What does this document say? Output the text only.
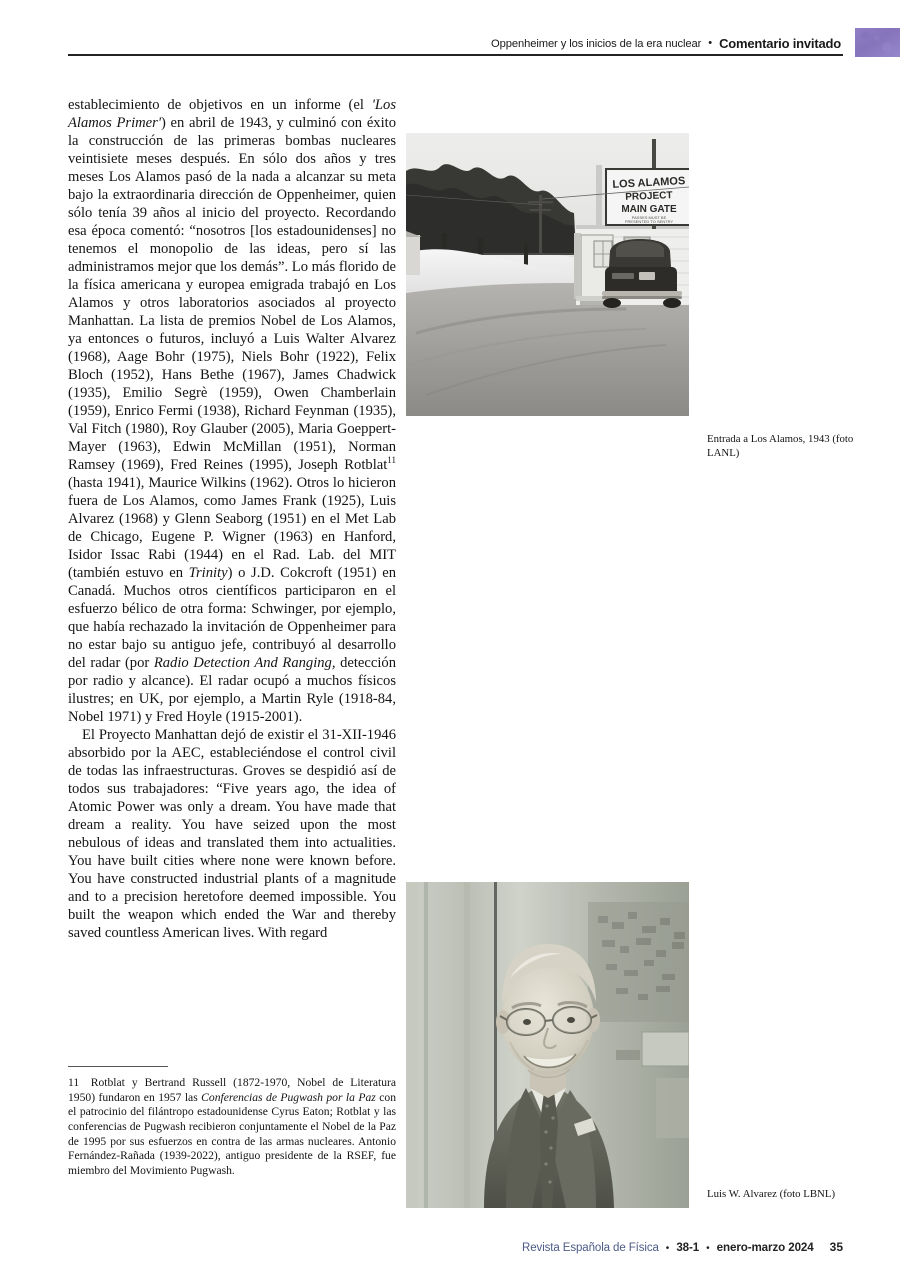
Oppenheimer y los inicios de la era nuclear • Comentario invitado

establecimiento de objetivos en un informe (el 'Los Alamos Primer') en abril de 1943, y culminó con éxito la construcción de las primeras bombas nucleares veintisiete meses después. En sólo dos años y tres meses Los Alamos pasó de la nada a alcanzar su meta bajo la extraordinaria dirección de Oppenheimer, quien sólo tenía 39 años al inicio del proyecto. Recordando esa época comentó: “nosotros [los estadounidenses] no tenemos el monopolio de las ideas, pero sí las administramos mejor que los demás”. Lo más florido de la física americana y europea emigrada trabajó en Los Alamos y otros laboratorios asociados al proyecto Manhattan. La lista de premios Nobel de Los Alamos, ya entonces o futuros, incluyó a Luis Walter Alvarez (1968), Aage Bohr (1975), Niels Bohr (1922), Felix Bloch (1952), Hans Bethe (1967), James Chadwick (1935), Emilio Segrè (1959), Owen Chamberlain (1959), Enrico Fermi (1938), Richard Feynman (1935), Val Fitch (1980), Roy Glauber (2005), Maria Goeppert-Mayer (1963), Edwin McMillan (1951), Norman Ramsey (1969), Fred Reines (1995), Joseph Rotblat$^{11}$ (hasta 1941), Maurice Wilkins (1962). Otros lo hicieron fuera de Los Alamos, como James Frank (1925), Luis Alvarez (1968) y Glenn Seaborg (1951) en el Met Lab de Chicago, Eugene P. Wigner (1963) en Hanford, Isidor Issac Rabi (1944) en el Rad. Lab. del MIT (también estuvo en Trinity) o J.D. Cokcroft (1951) en Canadá. Muchos otros científicos participaron en el esfuerzo bélico de otra forma: Schwinger, por ejemplo, que había rechazado la invitación de Oppenheimer para no estar bajo su antiguo jefe, contribuyó al desarrollo del radar (por Radio Detection And Ranging, detección por radio y alcance). El radar ocupó a muchos físicos ilustres; en UK, por ejemplo, a Martin Ryle (1918-84, Nobel 1971) y Fred Hoyle (1915-2001).

El Proyecto Manhattan dejó de existir el 31-XII-1946 absorbido por la AEC, estableciéndose el control civil de todas las infraestructuras. Groves se despidió así de todos sus trabajadores: “Five years ago, the idea of Atomic Power was only a dream. You have made that dream a reality. You have seized upon the most nebulous of ideas and translated them into actualities. You have built cities where none were known before. You have constructed industrial plants of a magnitude and to a precision heretofore deemed impossible. You built the weapon which ended the War and thereby saved countless American lives. With regard

11  Rotblat y Bertrand Russell (1872-1970, Nobel de Literatura 1950) fundaron en 1957 las Conferencias de Pugwash por la Paz con el patrocinio del filántropo estadounidense Cyrus Eaton; Rotblat y las conferencias de Pugwash recibieron conjuntamente el Nobel de la Paz de 1995 por sus esfuerzos en contra de las armas nucleares. Antonio Fernández-Rañada (1939-2022), antiguo presidente de la RSEF, fue miembro del Movimiento Pugwash.

LOS ALAMOS
PROJECT
MAIN GATE
PASSES MUST BE
PRESENTED TO SENTRY
Entrada a Los Alamos, 1943 (foto LANL)
Luis W. Alvarez (foto LBNL)
Revista Española de Física • 38-1 • enero-marzo 2024 35
